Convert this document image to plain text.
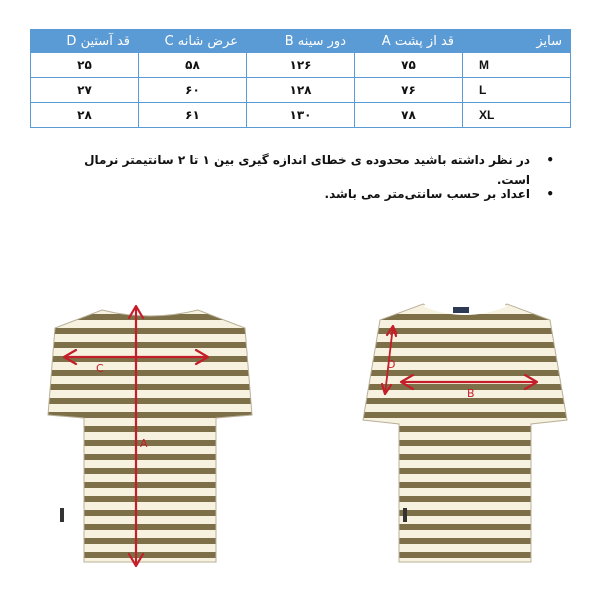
سایز	قد از پشت A	دور سینه B	عرض شانه C	قد آستین D
M	۷۵	۱۲۶	۵۸	۲۵
L	۷۶	۱۲۸	۶۰	۲۷
XL	۷۸	۱۳۰	۶۱	۲۸
•
در نظر داشته باشید محدوده ی خطای اندازه گیری بین ۱ تا ۲ سانتیمتر نرمال است.
•
اعداد بر حسب سانتی‌متر می باشد.
A
C	D
A
B
